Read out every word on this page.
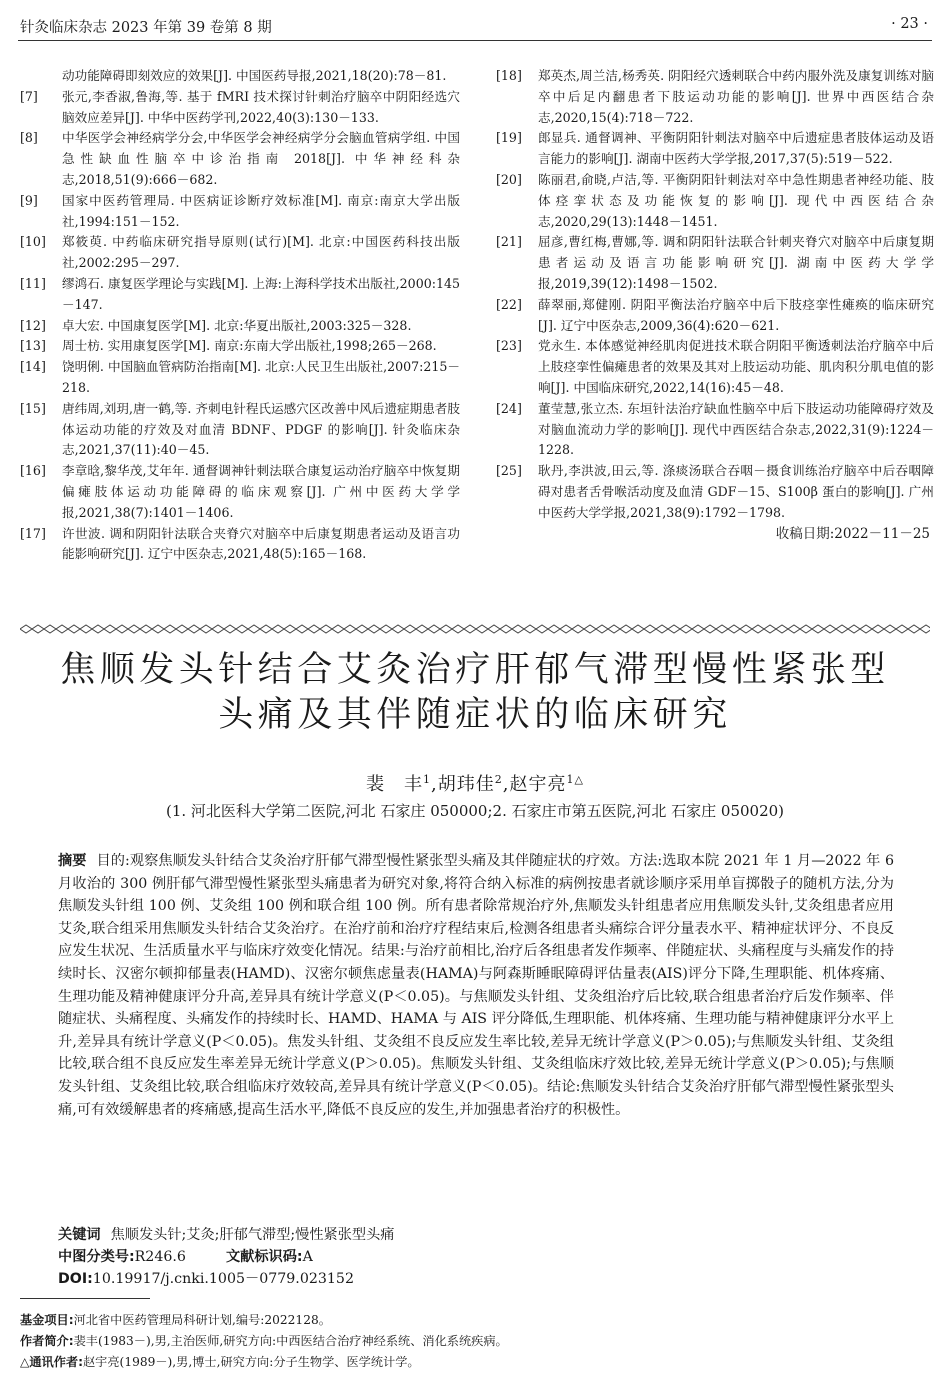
针灸临床杂志 2023 年第 39 卷第 8 期	· 23 ·
动功能障碍即刻效应的效果[J]. 中国医药导报,2021,18(20):78－81.
[7]	张元,李香淑,鲁海,等. 基于 fMRI 技术探讨针刺治疗脑卒中阴阳经选穴脑效应差异[J]. 中华中医药学刊,2022,40(3):130－133.
[8]	中华医学会神经病学分会,中华医学会神经病学分会脑血管病学组. 中国急性缺血性脑卒中诊治指南 2018[J]. 中华神经科杂志,2018,51(9):666－682.
[9]	国家中医药管理局. 中医病证诊断疗效标准[M]. 南京:南京大学出版社,1994:151－152.
[10]	郑筱萸. 中药临床研究指导原则(试行)[M]. 北京:中国医药科技出版社,2002:295－297.
[11]	缪鸿石. 康复医学理论与实践[M]. 上海:上海科学技术出版社,2000:145－147.
[12]	卓大宏. 中国康复医学[M]. 北京:华夏出版社,2003:325－328.
[13]	周士枋. 实用康复医学[M]. 南京:东南大学出版社,1998;265－268.
[14]	饶明俐. 中国脑血管病防治指南[M]. 北京:人民卫生出版社,2007:215－218.
[15]	唐纬周,刘玥,唐一鹤,等. 齐刺电针程氏运感穴区改善中风后遗症期患者肢体运动功能的疗效及对血清 BDNF、PDGF 的影响[J]. 针灸临床杂志,2021,37(11):40－45.
[16]	李章晗,黎华茂,艾年年. 通督调神针刺法联合康复运动治疗脑卒中恢复期偏瘫肢体运动功能障碍的临床观察[J]. 广州中医药大学学报,2021,38(7):1401－1406.
[17]	许世波. 调和阴阳针法联合夹脊穴对脑卒中后康复期患者运动及语言功能影响研究[J]. 辽宁中医杂志,2021,48(5):165－168.
[18]	郑英杰,周兰洁,杨秀英. 阴阳经穴透刺联合中药内服外洗及康复训练对脑卒中后足内翻患者下肢运动功能的影响[J]. 世界中西医结合杂志,2020,15(4):718－722.
[19]	郎显兵. 通督调神、平衡阴阳针刺法对脑卒中后遗症患者肢体运动及语言能力的影响[J]. 湖南中医药大学学报,2017,37(5):519－522.
[20]	陈丽君,俞晓,卢洁,等. 平衡阴阳针刺法对卒中急性期患者神经功能、肢体痉挛状态及功能恢复的影响[J]. 现代中西医结合杂志,2020,29(13):1448－1451.
[21]	屈彦,曹红梅,曹娜,等. 调和阴阳针法联合针刺夹脊穴对脑卒中后康复期患者运动及语言功能影响研究[J]. 湖南中医药大学学报,2019,39(12):1498－1502.
[22]	薛翠丽,郑健刚. 阴阳平衡法治疗脑卒中后下肢痉挛性瘫痪的临床研究[J]. 辽宁中医杂志,2009,36(4):620－621.
[23]	党永生. 本体感觉神经肌肉促进技术联合阴阳平衡透刺法治疗脑卒中后上肢痉挛性偏瘫患者的效果及其对上肢运动功能、肌肉积分肌电值的影响[J]. 中国临床研究,2022,14(16):45－48.
[24]	董莹慧,张立杰. 东垣针法治疗缺血性脑卒中后下肢运动功能障碍疗效及对脑血流动力学的影响[J]. 现代中西医结合杂志,2022,31(9):1224－1228.
[25]	耿丹,李洪波,田云,等. 涤痰汤联合吞咽－摄食训练治疗脑卒中后吞咽障碍对患者舌骨喉活动度及血清 GDF－15、S100β 蛋白的影响[J]. 广州中医药大学学报,2021,38(9):1792－1798.
收稿日期:2022－11－25
焦顺发头针结合艾灸治疗肝郁气滞型慢性紧张型
头痛及其伴随症状的临床研究
裴　丰$^1$,胡玮佳$^2$,赵宇亮$^{1\triangle}$
(1. 河北医科大学第二医院,河北 石家庄 050000;2. 石家庄市第五医院,河北 石家庄 050020)
摘要 目的:观察焦顺发头针结合艾灸治疗肝郁气滞型慢性紧张型头痛及其伴随症状的疗效。方法:选取本院 2021 年 1 月—2022 年 6 月收治的 300 例肝郁气滞型慢性紧张型头痛患者为研究对象,将符合纳入标准的病例按患者就诊顺序采用单盲掷骰子的随机方法,分为焦顺发头针组 100 例、艾灸组 100 例和联合组 100 例。所有患者除常规治疗外,焦顺发头针组患者应用焦顺发头针,艾灸组患者应用艾灸,联合组采用焦顺发头针结合艾灸治疗。在治疗前和治疗疗程结束后,检测各组患者头痛综合评分量表水平、精神症状评分、不良反应发生状况、生活质量水平与临床疗效变化情况。结果:与治疗前相比,治疗后各组患者发作频率、伴随症状、头痛程度与头痛发作的持续时长、汉密尔顿抑郁量表(HAMD)、汉密尔顿焦虑量表(HAMA)与阿森斯睡眠障碍评估量表(AIS)评分下降,生理职能、机体疼痛、生理功能及精神健康评分升高,差异具有统计学意义(P＜0.05)。与焦顺发头针组、艾灸组治疗后比较,联合组患者治疗后发作频率、伴随症状、头痛程度、头痛发作的持续时长、HAMD、HAMA 与 AIS 评分降低,生理职能、机体疼痛、生理功能与精神健康评分水平上升,差异具有统计学意义(P＜0.05)。焦发头针组、艾灸组不良反应发生率比较,差异无统计学意义(P＞0.05);与焦顺发头针组、艾灸组比较,联合组不良反应发生率差异无统计学意义(P＞0.05)。焦顺发头针组、艾灸组临床疗效比较,差异无统计学意义(P＞0.05);与焦顺发头针组、艾灸组比较,联合组临床疗效较高,差异具有统计学意义(P＜0.05)。结论:焦顺发头针结合艾灸治疗肝郁气滞型慢性紧张型头痛,可有效缓解患者的疼痛感,提高生活水平,降低不良反应的发生,并加强患者治疗的积极性。
关键词 焦顺发头针;艾灸;肝郁气滞型;慢性紧张型头痛
中图分类号:R246.6	文献标识码:A
DOI:10.19917/j.cnki.1005－0779.023152
基金项目:河北省中医药管理局科研计划,编号:2022128。
作者简介:裴丰(1983－),男,主治医师,研究方向:中西医结合治疗神经系统、消化系统疾病。
△通讯作者:赵宇亮(1989－),男,博士,研究方向:分子生物学、医学统计学。
